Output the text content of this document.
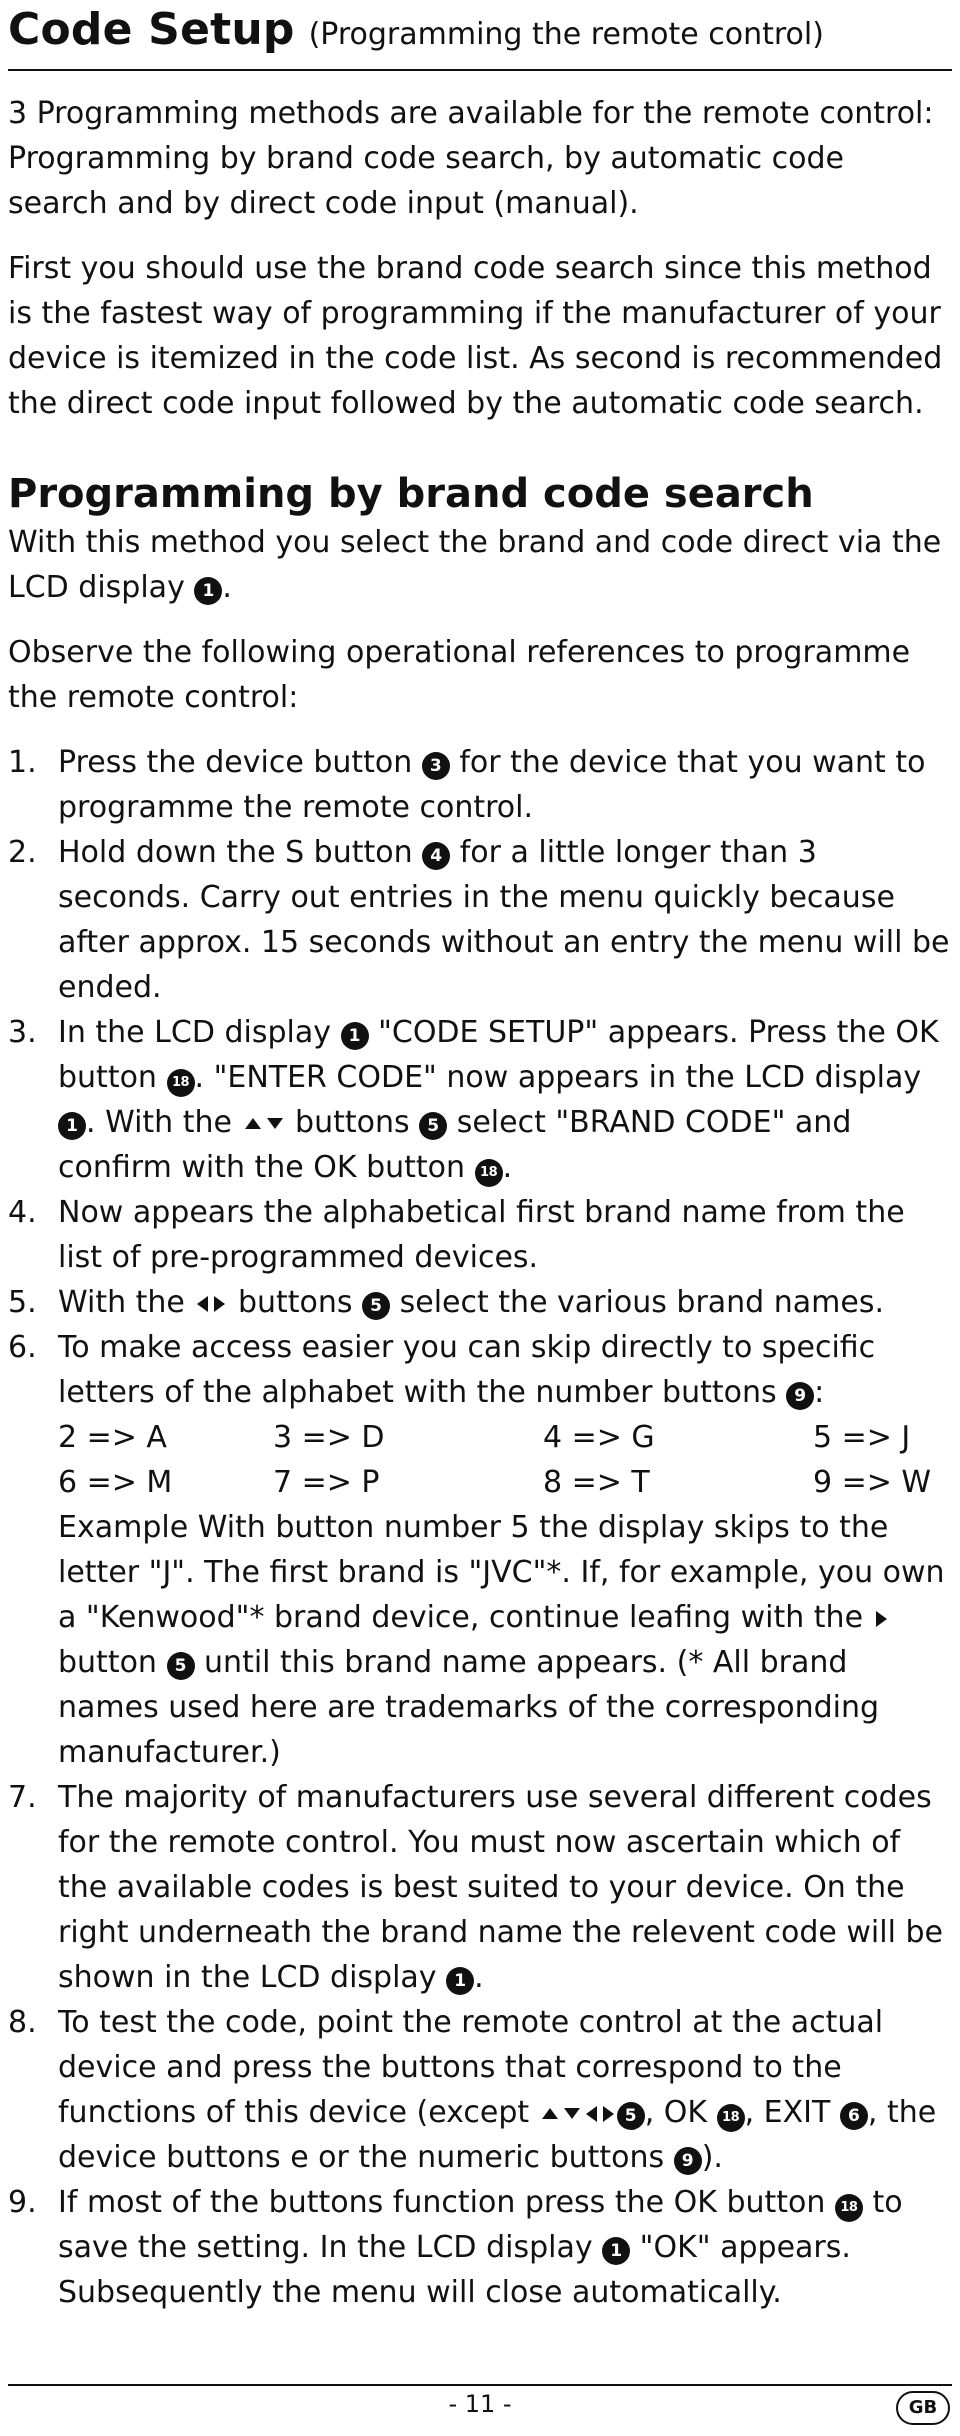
Code Setup (Programming the remote control)

3 Programming methods are available for the remote control: Programming by brand code search, by automatic code search and by direct code input (manual).

First you should use the brand code search since this method is the fastest way of programming if the manufacturer of your device is itemized in the code list. As second is recommended the direct code input followed by the automatic code search.

Programming by brand code search

With this method you select the brand and code direct via the LCD display 1 .

Observe the following operational references to programme the remote control:

1. Press the device button 3 for the device that you want to programme the remote control.
2. Hold down the S button 4 for a little longer than 3 seconds. Carry out entries in the menu quickly because after approx. 15 seconds without an entry the menu will be ended.
3. In the LCD display 1 "CODE SETUP" appears. Press the OK button 18 . "ENTER CODE" now appears in the LCD display 1 . With the  buttons 5 select "BRAND CODE" and confirm with the OK button 18 .
4. Now appears the alphabetical first brand name from the list of pre-programmed devices.
5. With the  buttons 5 select the various brand names.
6. To make access easier you can skip directly to specific letters of the alphabet with the number buttons 9 :
2 => A	3 => D	4 => G	5 => J
6 => M	7 => P	8 => T	9 => W
Example With button number 5 the display skips to the letter "J". The first brand is "JVC"*. If, for example, you own a "Kenwood"* brand device, continue leafing with the  button 5 until this brand name appears. (* All brand names used here are trademarks of the corresponding manufacturer.)
7. The majority of manufacturers use several different codes for the remote control. You must now ascertain which of the available codes is best suited to your device. On the right underneath the brand name the relevent code will be shown in the LCD display 1 .
8. To test the code, point the remote control at the actual device and press the buttons that correspond to the functions of this device (except	5 , OK 18 , EXIT 6 , the device buttons e or the numeric buttons 9 ).
9. If most of the buttons function press the OK button 18 to save the setting. In the LCD display 1 "OK" appears. Subsequently the menu will close automatically.
- 11 -	GB
